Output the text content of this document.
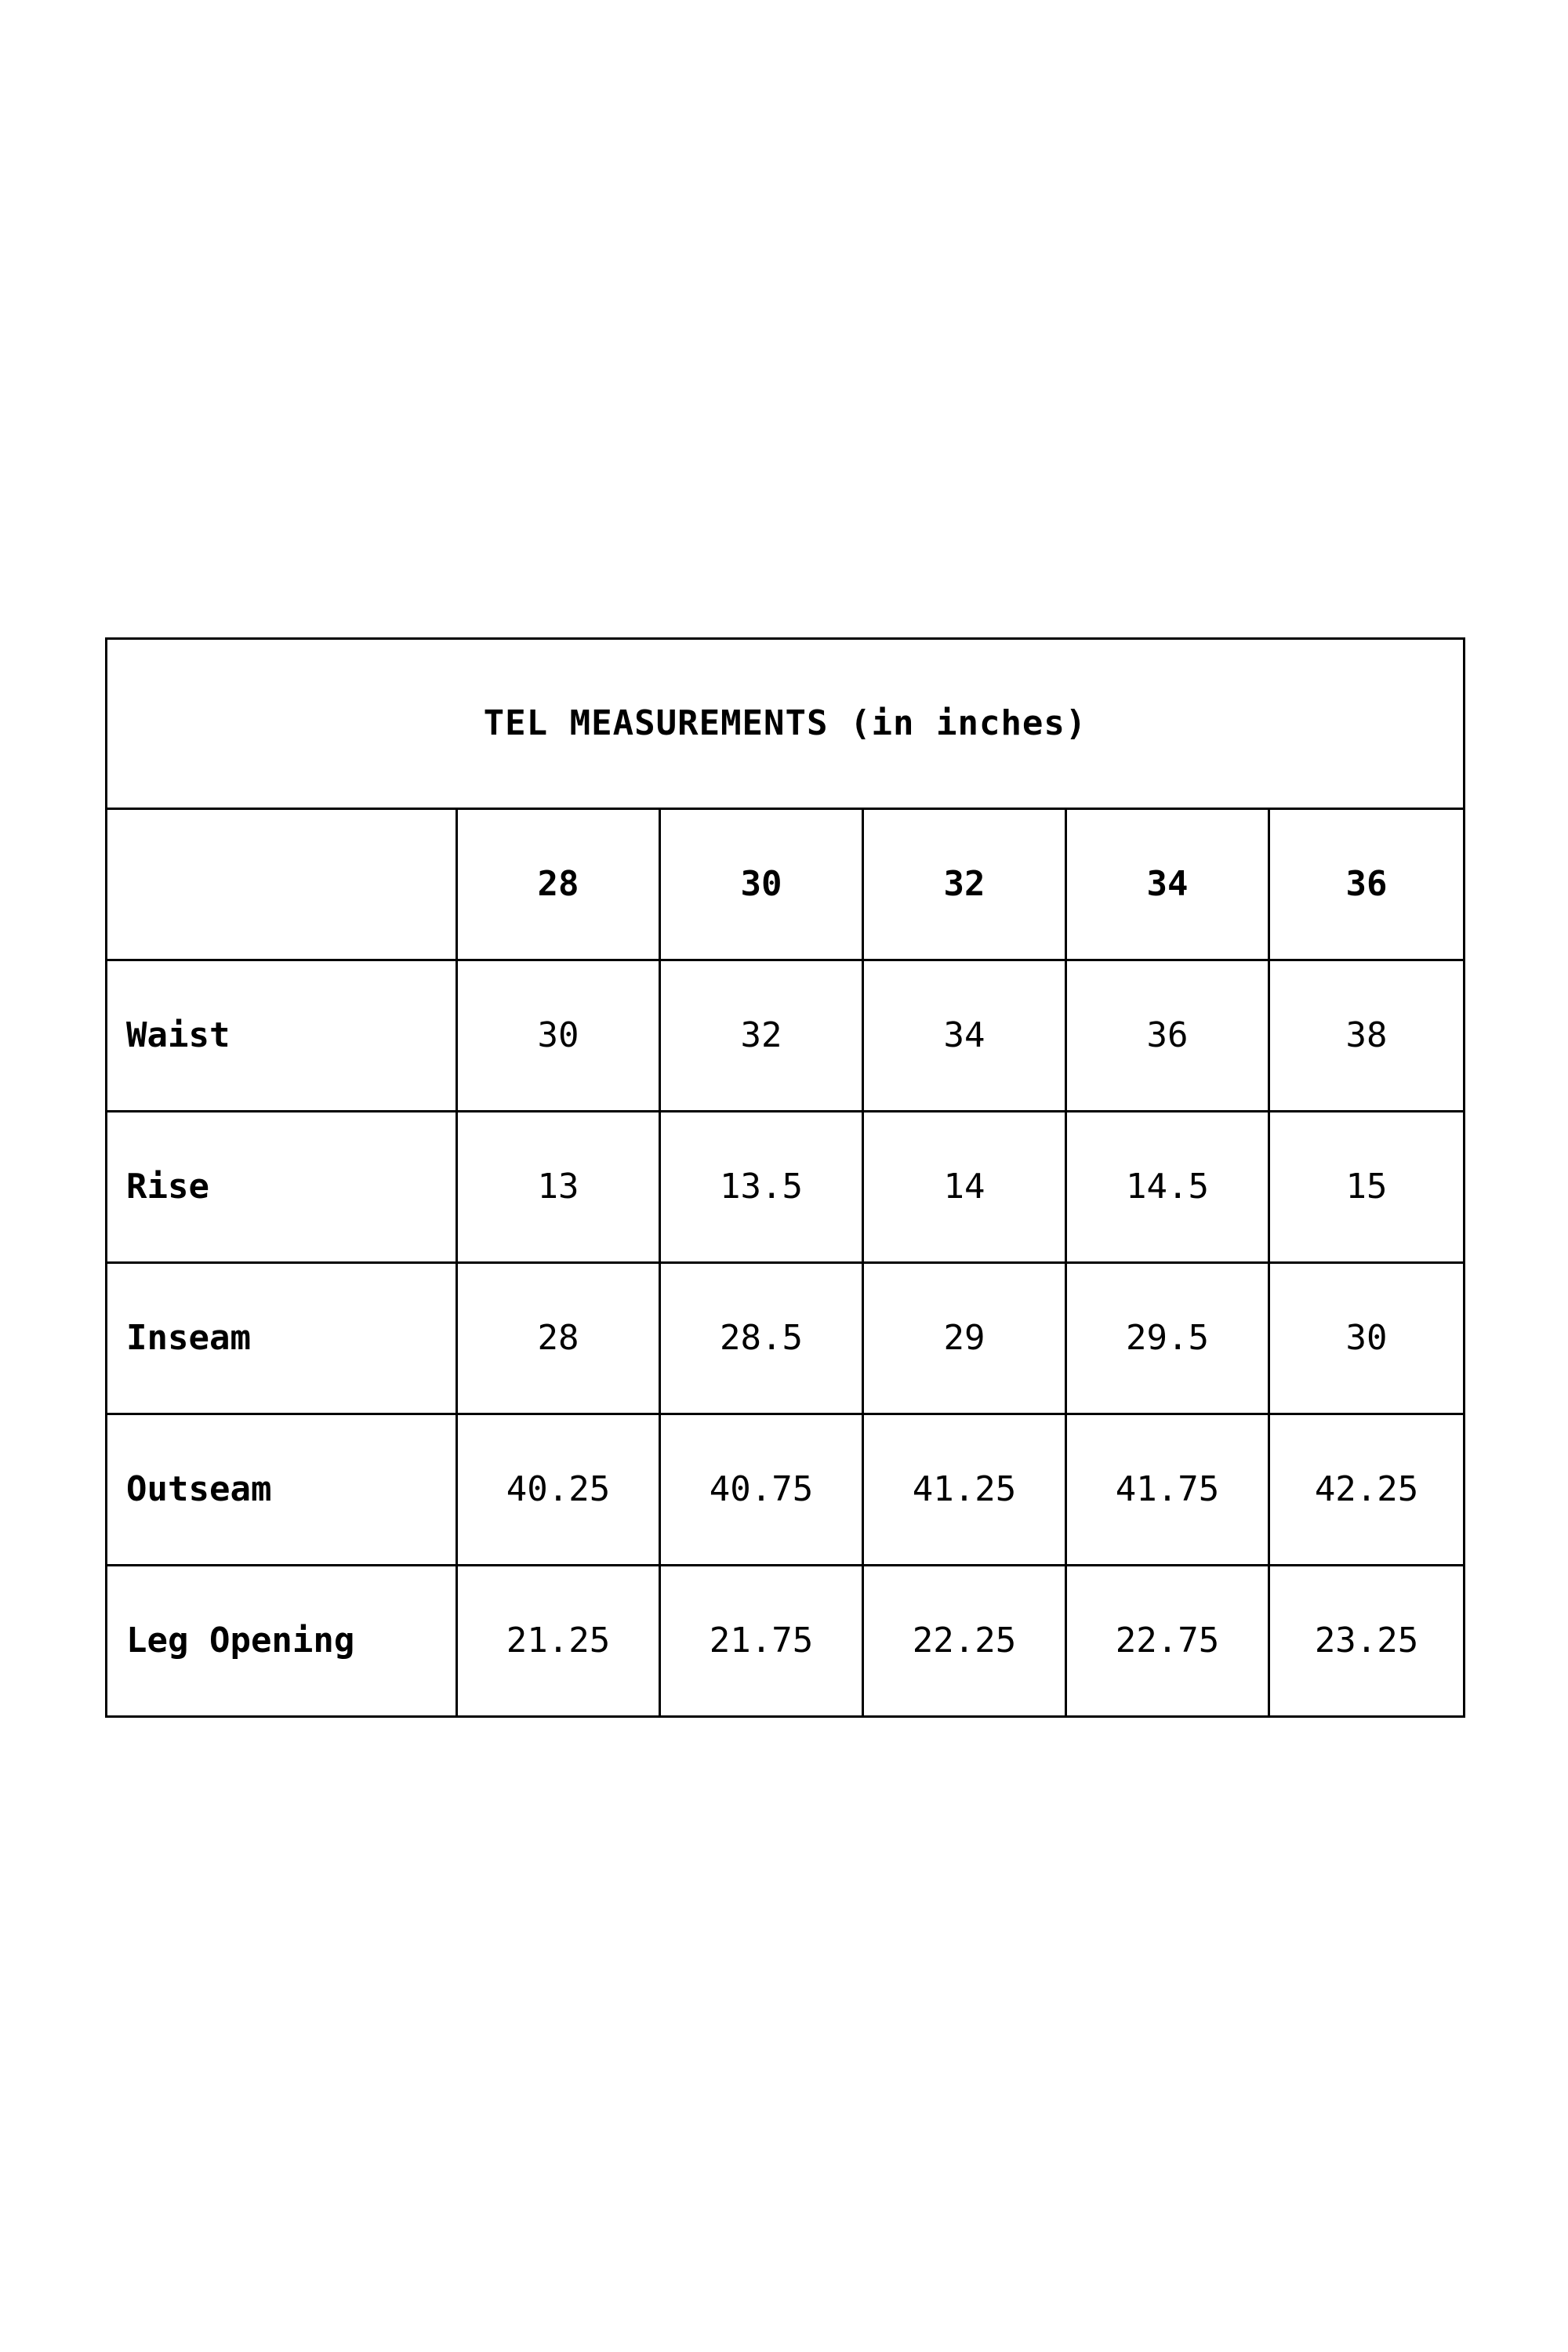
TEL MEASUREMENTS (in inches)					
	28	30	32	34	36
Waist	30	32	34	36	38
Rise	13	13.5	14	14.5	15
Inseam	28	28.5	29	29.5	30
Outseam	40.25	40.75	41.25	41.75	42.25
Leg Opening	21.25	21.75	22.25	22.75	23.25
